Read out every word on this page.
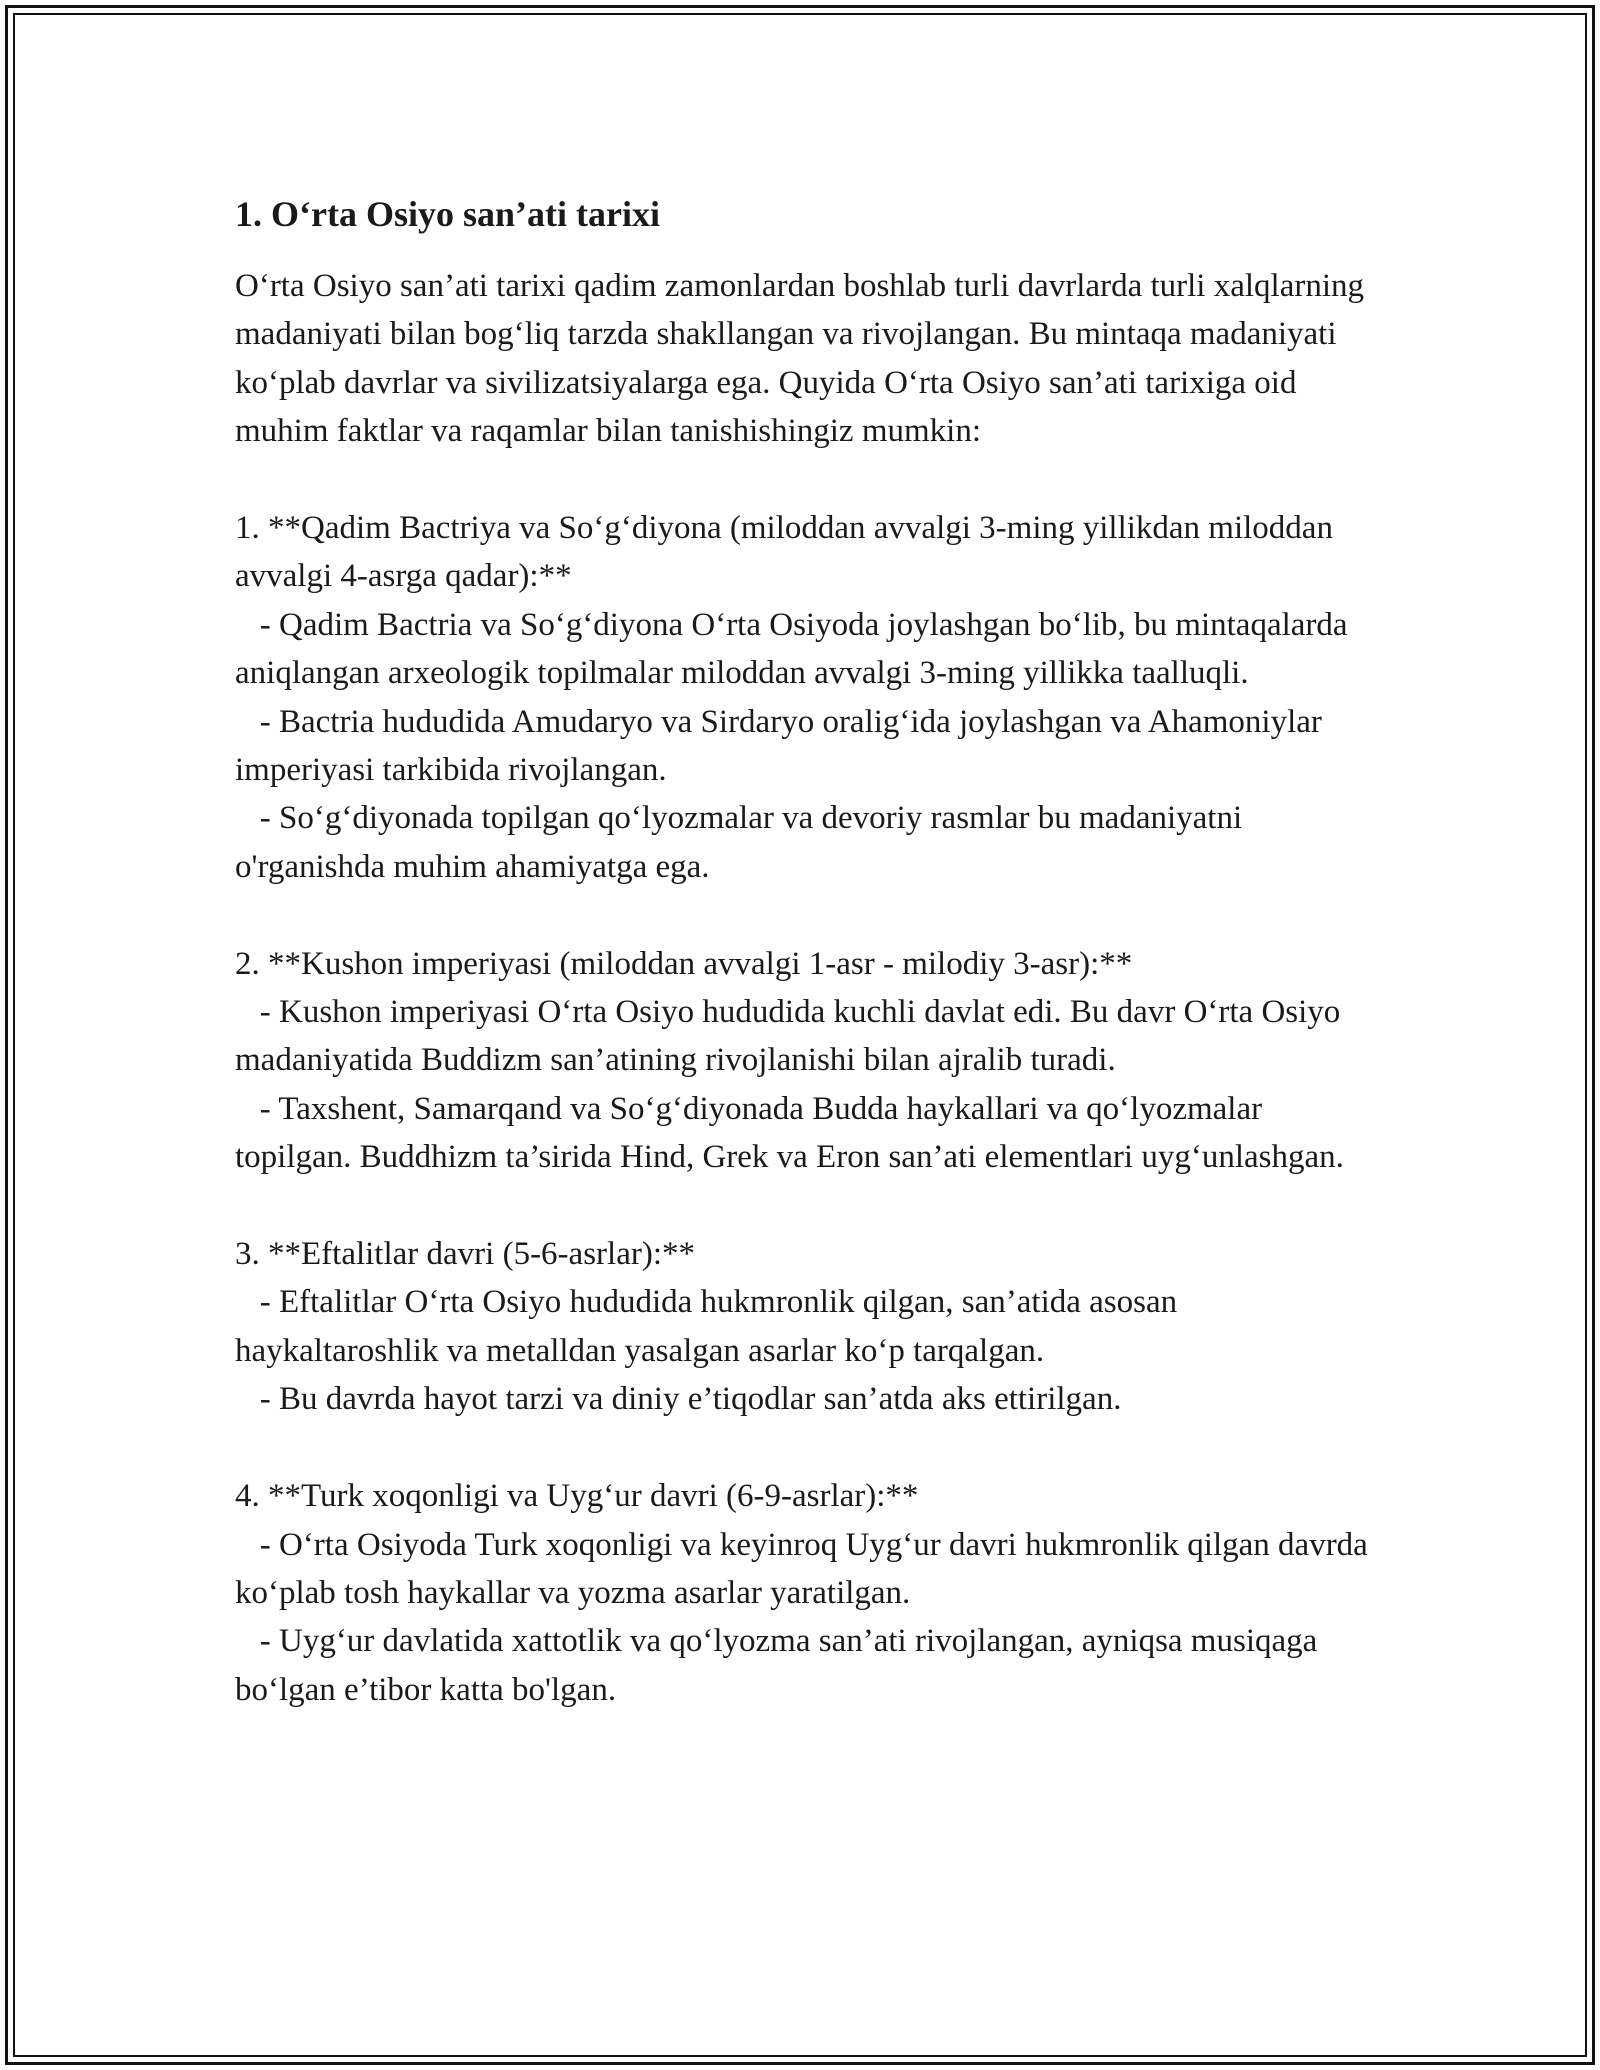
1. O‘rta Osiyo san’ati tarixi

O‘rta Osiyo san’ati tarixi qadim zamonlardan boshlab turli davrlarda turli xalqlarning madaniyati bilan bog‘liq tarzda shakllangan va rivojlangan. Bu mintaqa madaniyati ko‘plab davrlar va sivilizatsiyalarga ega. Quyida O‘rta Osiyo san’ati tarixiga oid muhim faktlar va raqamlar bilan tanishishingiz mumkin:

1. **Qadim Bactriya va So‘g‘diyona (miloddan avvalgi 3-ming yillikdan miloddan avvalgi 4-asrga qadar):**

- Qadim Bactria va So‘g‘diyona O‘rta Osiyoda joylashgan bo‘lib, bu mintaqalarda aniqlangan arxeologik topilmalar miloddan avvalgi 3-ming yillikka taalluqli.

- Bactria hududida Amudaryo va Sirdaryo oralig‘ida joylashgan va Ahamoniylar imperiyasi tarkibida rivojlangan.

- So‘g‘diyonada topilgan qo‘lyozmalar va devoriy rasmlar bu madaniyatni o'rganishda muhim ahamiyatga ega.

2. **Kushon imperiyasi (miloddan avvalgi 1-asr - milodiy 3-asr):**

- Kushon imperiyasi O‘rta Osiyo hududida kuchli davlat edi. Bu davr O‘rta Osiyo madaniyatida Buddizm san’atining rivojlanishi bilan ajralib turadi.

- Taxshent, Samarqand va So‘g‘diyonada Budda haykallari va qo‘lyozmalar topilgan. Buddhizm ta’sirida Hind, Grek va Eron san’ati elementlari uyg‘unlashgan.

3. **Eftalitlar davri (5-6-asrlar):**

- Eftalitlar O‘rta Osiyo hududida hukmronlik qilgan, san’atida asosan haykaltaroshlik va metalldan yasalgan asarlar ko‘p tarqalgan.

- Bu davrda hayot tarzi va diniy e’tiqodlar san’atda aks ettirilgan.

4. **Turk xoqonligi va Uyg‘ur davri (6-9-asrlar):**

- O‘rta Osiyoda Turk xoqonligi va keyinroq Uyg‘ur davri hukmronlik qilgan davrda ko‘plab tosh haykallar va yozma asarlar yaratilgan.

- Uyg‘ur davlatida xattotlik va qo‘lyozma san’ati rivojlangan, ayniqsa musiqaga bo‘lgan e’tibor katta bo'lgan.
